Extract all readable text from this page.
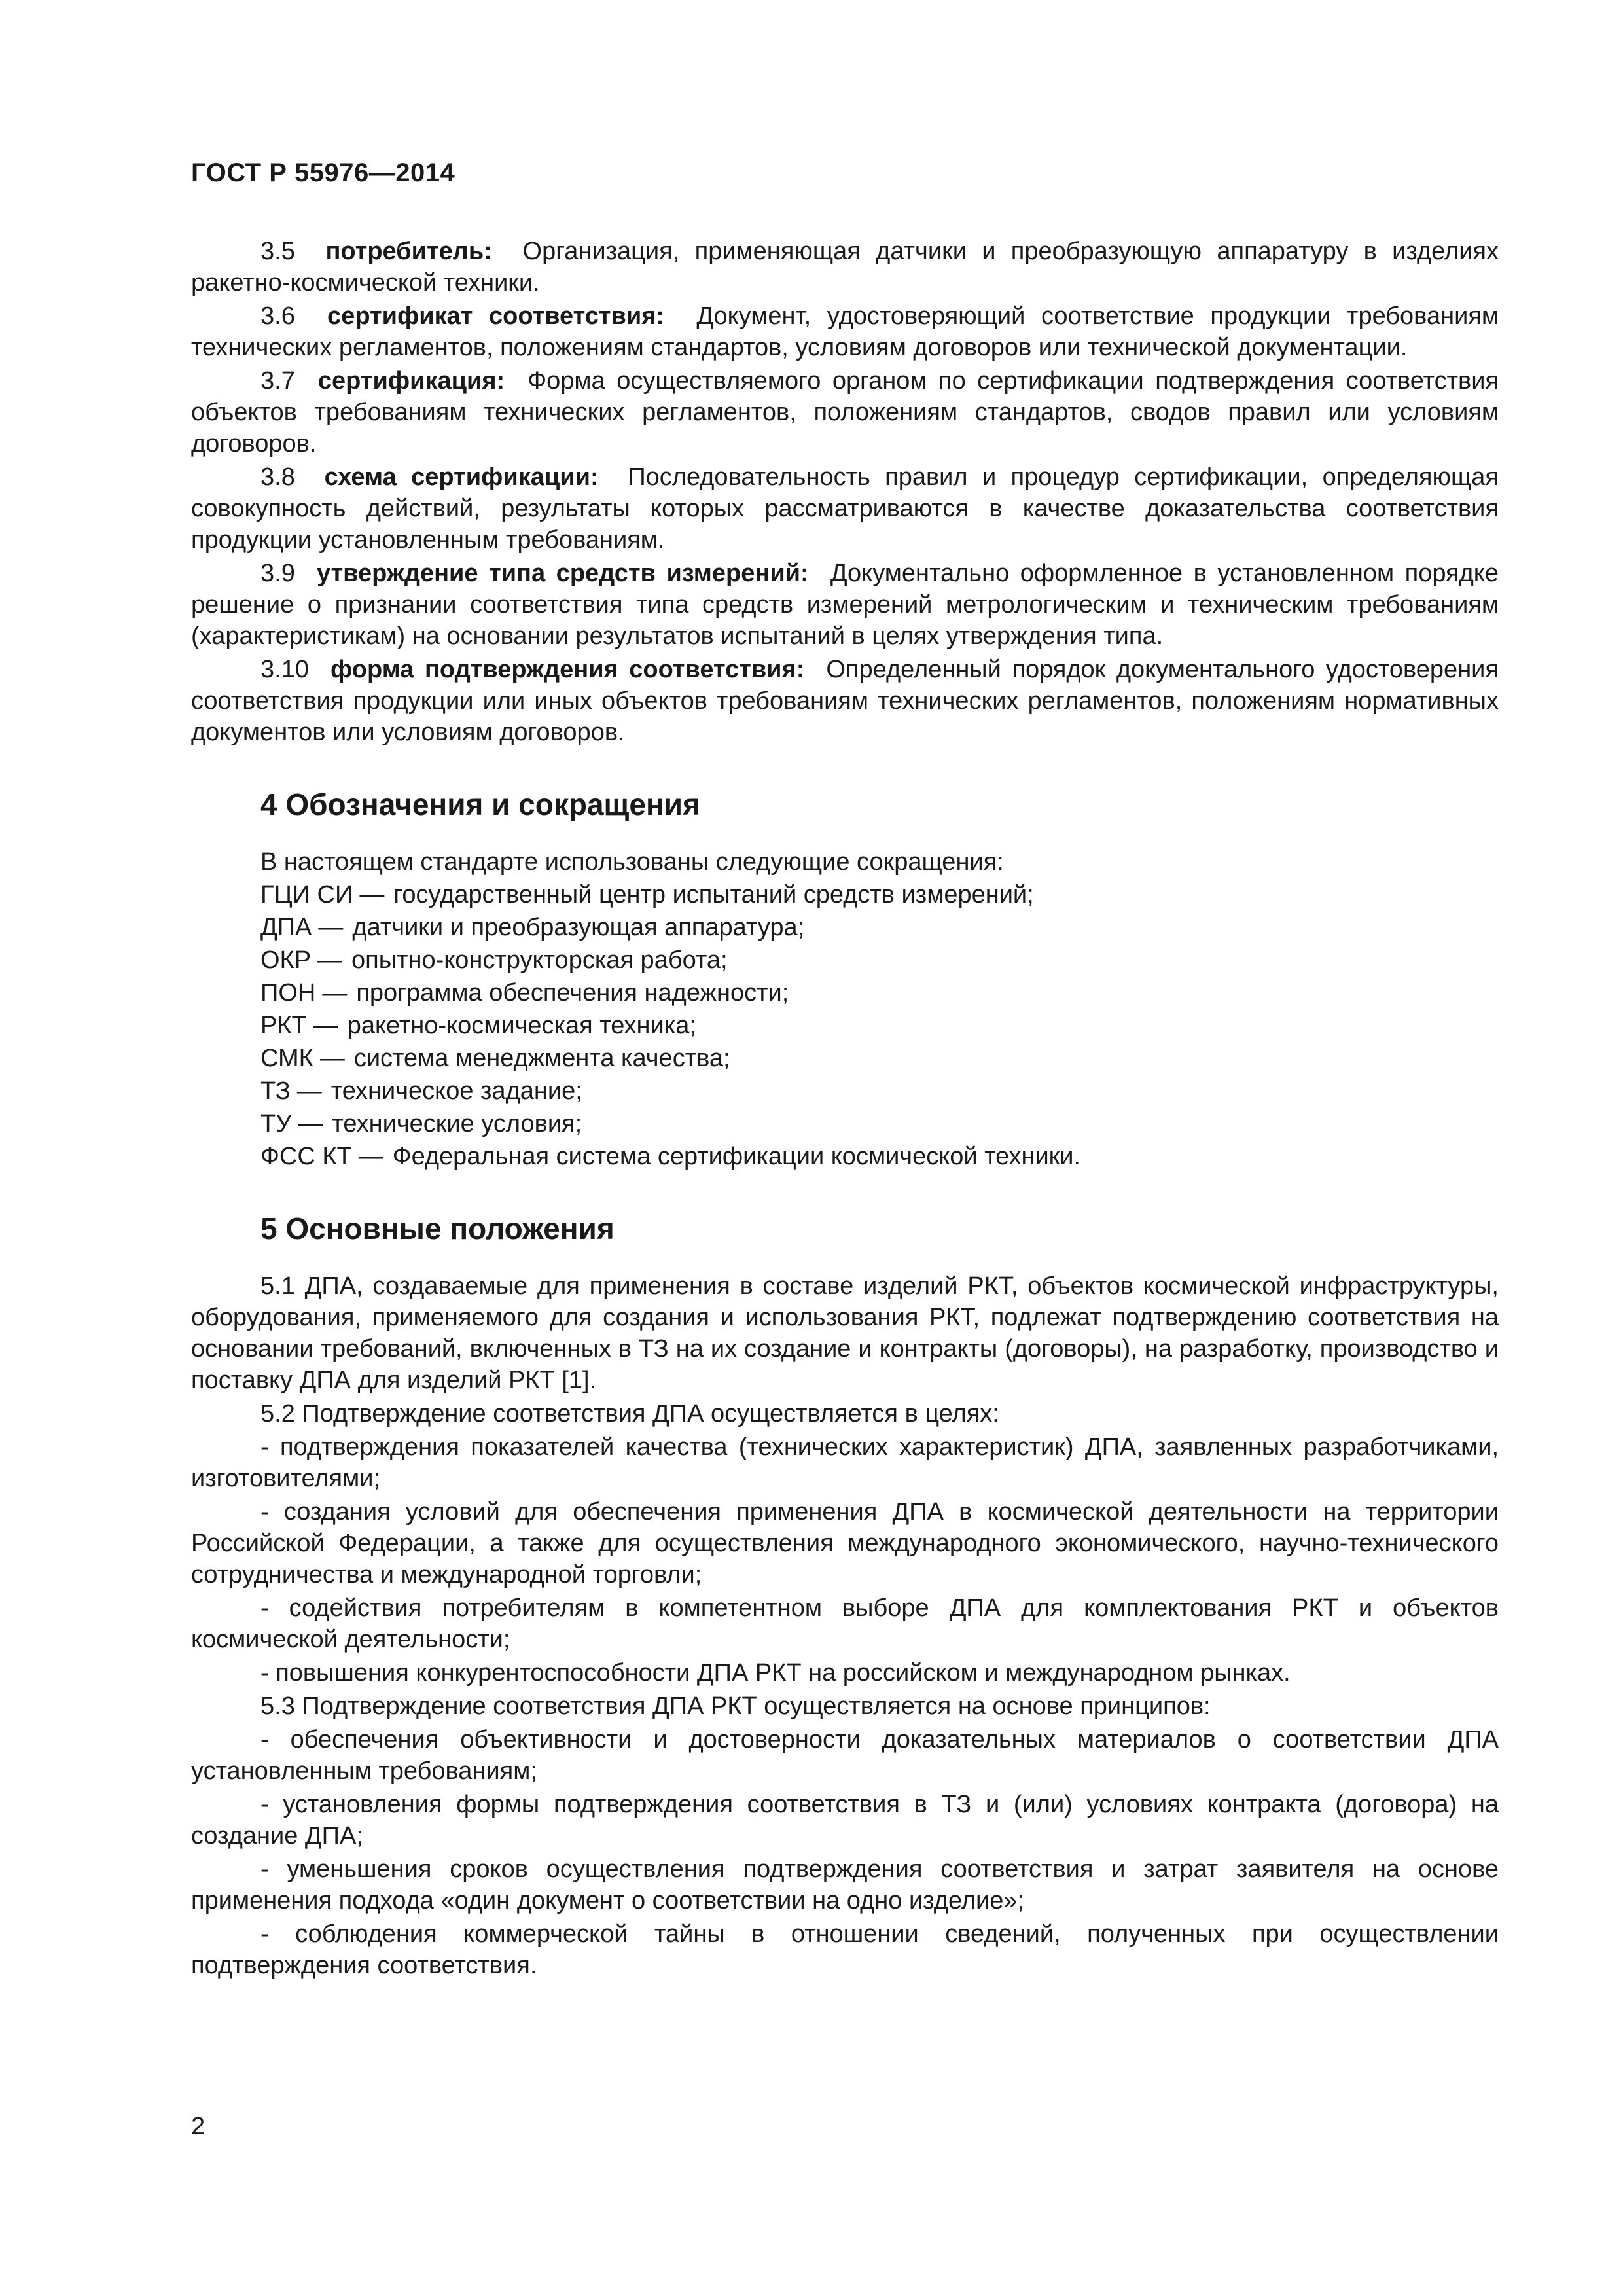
ГОСТ Р 55976—2014

3.5 потребитель: Организация, применяющая датчики и преобразующую аппаратуру в изделиях ракетно-космической техники.

3.6 сертификат соответствия: Документ, удостоверяющий соответствие продукции требованиям технических регламентов, положениям стандартов, условиям договоров или технической документации.

3.7 сертификация: Форма осуществляемого органом по сертификации подтверждения соответствия объектов требованиям технических регламентов, положениям стандартов, сводов правил или условиям договоров.

3.8 схема сертификации: Последовательность правил и процедур сертификации, определяющая совокупность действий, результаты которых рассматриваются в качестве доказательства соответствия продукции установленным требованиям.

3.9 утверждение типа средств измерений: Документально оформленное в установленном порядке решение о признании соответствия типа средств измерений метрологическим и техническим требованиям (характеристикам) на основании результатов испытаний в целях утверждения типа.

3.10 форма подтверждения соответствия: Определенный порядок документального удостоверения соответствия продукции или иных объектов требованиям технических регламентов, положениям нормативных документов или условиям договоров.

4 Обозначения и сокращения
В настоящем стандарте использованы следующие сокращения:
ГЦИ СИ — государственный центр испытаний средств измерений;
ДПА — датчики и преобразующая аппаратура;
ОКР — опытно-конструкторская работа;
ПОН — программа обеспечения надежности;
РКТ — ракетно-космическая техника;
СМК — система менеджмента качества;
ТЗ — техническое задание;
ТУ — технические условия;
ФСС КТ — Федеральная система сертификации космической техники.
5 Основные положения

5.1 ДПА, создаваемые для применения в составе изделий РКТ, объектов космической инфраструктуры, оборудования, применяемого для создания и использования РКТ, подлежат подтверждению соответствия на основании требований, включенных в ТЗ на их создание и контракты (договоры), на разработку, производство и поставку ДПА для изделий РКТ [1].

5.2 Подтверждение соответствия ДПА осуществляется в целях:

- подтверждения показателей качества (технических характеристик) ДПА, заявленных разработчиками, изготовителями;

- создания условий для обеспечения применения ДПА в космической деятельности на территории Российской Федерации, а также для осуществления международного экономического, научно-технического сотрудничества и международной торговли;

- содействия потребителям в компетентном выборе ДПА для комплектования РКТ и объектов космической деятельности;

- повышения конкурентоспособности ДПА РКТ на российском и международном рынках.

5.3 Подтверждение соответствия ДПА РКТ осуществляется на основе принципов:

- обеспечения объективности и достоверности доказательных материалов о соответствии ДПА установленным требованиям;

- установления формы подтверждения соответствия в ТЗ и (или) условиях контракта (договора) на создание ДПА;

- уменьшения сроков осуществления подтверждения соответствия и затрат заявителя на основе применения подхода «один документ о соответствии на одно изделие»;

- соблюдения коммерческой тайны в отношении сведений, полученных при осуществлении подтверждения соответствия.

2
